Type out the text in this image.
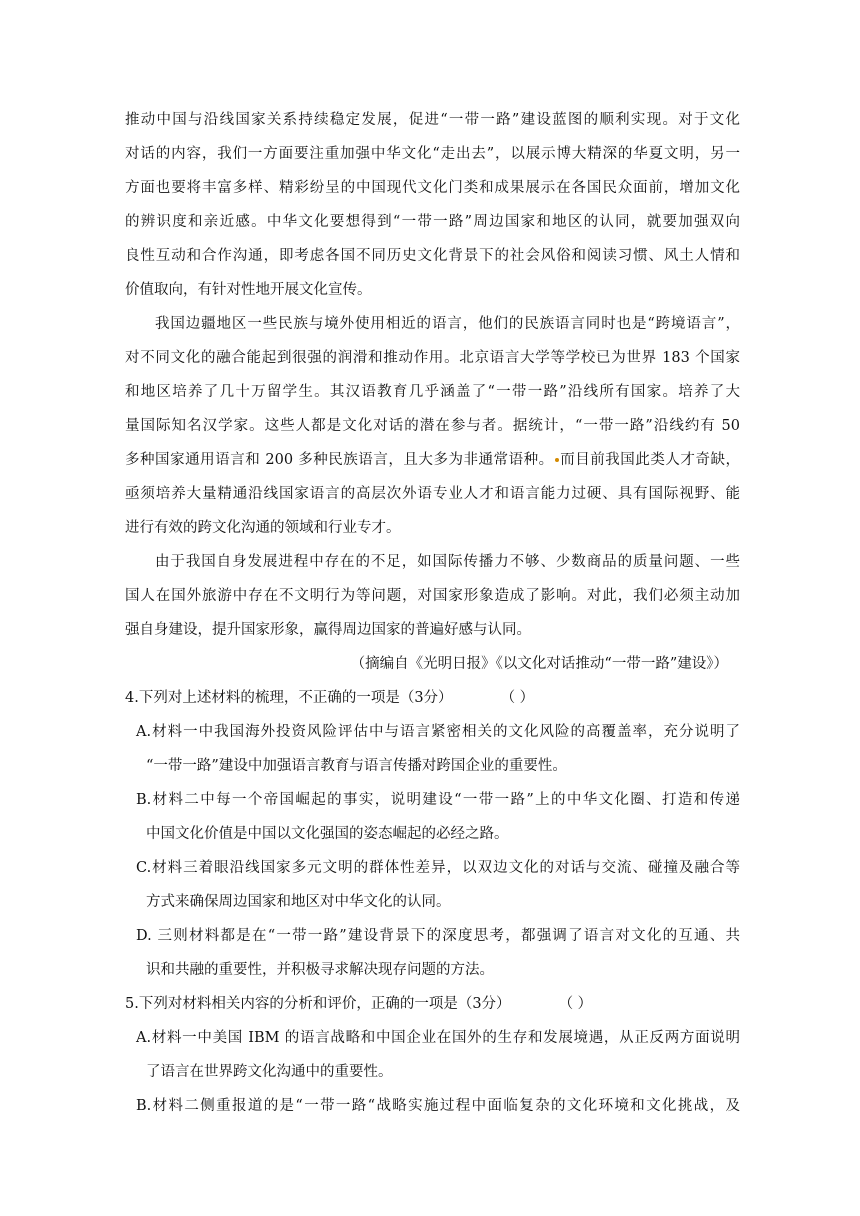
推动中国与沿线国家关系持续稳定发展，促进“一带一路”建设蓝图的顺利实现。对于文化
对话的内容，我们一方面要注重加强中华文化“走出去”，以展示博大精深的华夏文明，另一
方面也要将丰富多样、精彩纷呈的中国现代文化门类和成果展示在各国民众面前，增加文化
的辨识度和亲近感。中华文化要想得到“一带一路”周边国家和地区的认同，就要加强双向
良性互动和合作沟通，即考虑各国不同历史文化背景下的社会风俗和阅读习惯、风土人情和
价值取向，有针对性地开展文化宣传。
我国边疆地区一些民族与境外使用相近的语言，他们的民族语言同时也是“跨境语言”，
对不同文化的融合能起到很强的润滑和推动作用。北京语言大学等学校已为世界 183 个国家
和地区培养了几十万留学生。其汉语教育几乎涵盖了“一带一路”沿线所有国家。培养了大
量国际知名汉学家。这些人都是文化对话的潜在参与者。据统计，“一带一路”沿线约有 50
多种国家通用语言和 200 多种民族语言，且大多为非通常语种。 而目前我国此类人才奇缺，
亟须培养大量精通沿线国家语言的高层次外语专业人才和语言能力过硬、具有国际视野、能
进行有效的跨文化沟通的领域和行业专才。
由于我国自身发展进程中存在的不足，如国际传播力不够、少数商品的质量问题、一些
国人在国外旅游中存在不文明行为等问题，对国家形象造成了影响。对此，我们必须主动加
强自身建设，提升国家形象，赢得周边国家的普遍好感与认同。
（摘编自《光明日报》《以文化对话推动“一带一路”建设》）
4.下列对上述材料的梳理，不正确的一项是（3分）	（ ）
A.材料一中我国海外投资风险评估中与语言紧密相关的文化风险的高覆盖率，充分说明了
“一带一路”建设中加强语言教育与语言传播对跨国企业的重要性。
B.材料二中每一个帝国崛起的事实，说明建设“一带一路”上的中华文化圈、打造和传递
中国文化价值是中国以文化强国的姿态崛起的必经之路。
C.材料三着眼沿线国家多元文明的群体性差异，以双边文化的对话与交流、碰撞及融合等
方式来确保周边国家和地区对中华文化的认同。
D. 三则材料都是在“一带一路”建设背景下的深度思考，都强调了语言对文化的互通、共
识和共融的重要性，并积极寻求解决现存问题的方法。
5.下列对材料相关内容的分析和评价，正确的一项是（3分）	（ ）
A.材料一中美国 IBM 的语言战略和中国企业在国外的生存和发展境遇，从正反两方面说明
了语言在世界跨文化沟通中的重要性。
B.材料二侧重报道的是“一带一路“战略实施过程中面临复杂的文化环境和文化挑战，及
